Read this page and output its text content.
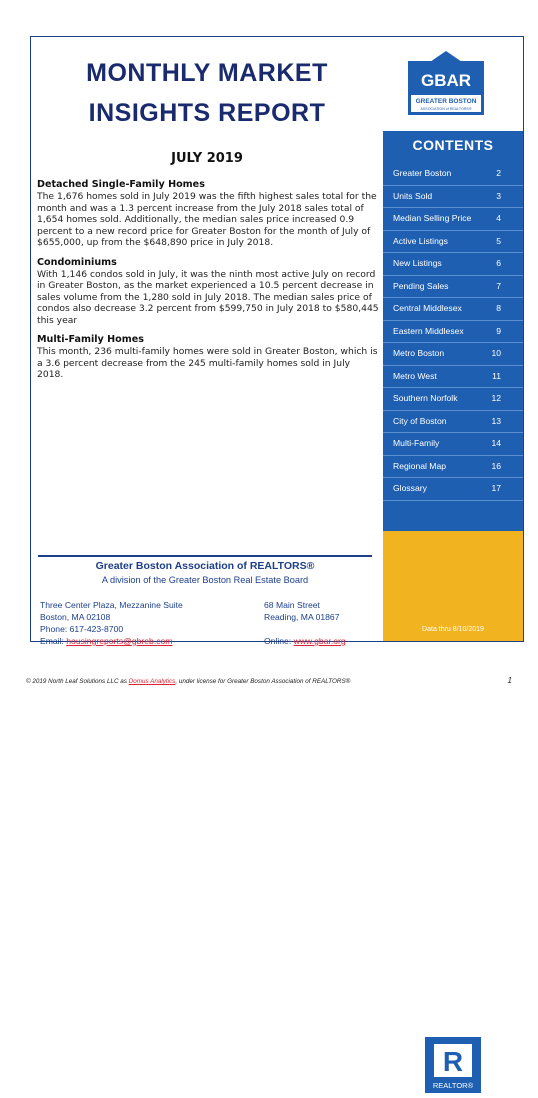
MONTHLY MARKET
INSIGHTS REPORT
JULY 2019
Detached Single-Family Homes
The 1,676 homes sold in July 2019 was the fifth highest sales total for the month and was a 1.3 percent increase from the July 2018 sales total of 1,654 homes sold. Additionally, the median sales price increased 0.9 percent to a new record price for Greater Boston for the month of July of $655,000, up from the $648,890 price in July 2018.
Condominiums
With 1,146 condos sold in July, it was the ninth most active July on record in Greater Boston, as the market experienced a 10.5 percent decrease in sales volume from the 1,280 sold in July 2018. The median sales price of condos also decrease 3.2 percent from $599,750 in July 2018 to $580,445 this year
Multi-Family Homes
This month, 236 multi-family homes were sold in Greater Boston, which is a 3.6 percent decrease from the 245 multi-family homes sold in July 2018.
Greater Boston Association of REALTORS®
A division of the Greater Boston Real Estate Board
Three Center Plaza, Mezzanine Suite
Boston, MA 02108
Phone: 617-423-8700
Email: housingreports@gbreb.com
68 Main Street
Reading, MA 01867
Online: www.gbar.org
GBAR
GREATER BOSTON
ASSOCIATION of REALTORS®
CONTENTS
Greater Boston	2
Units Sold	3
Median Selling Price	4
Active Listings	5
New Listings	6
Pending Sales	7
Central Middlesex	8
Eastern Middlesex	9
Metro Boston	10
Metro West	11
Southern Norfolk	12
City of Boston	13
Multi-Family	14
Regional Map	16
Glossary	17
R
REALTOR®
Data thru 8/10/2019
© 2019 North Leaf Solutions LLC as Domus Analytics, under license for Greater Boston Association of REALTORS®	1
